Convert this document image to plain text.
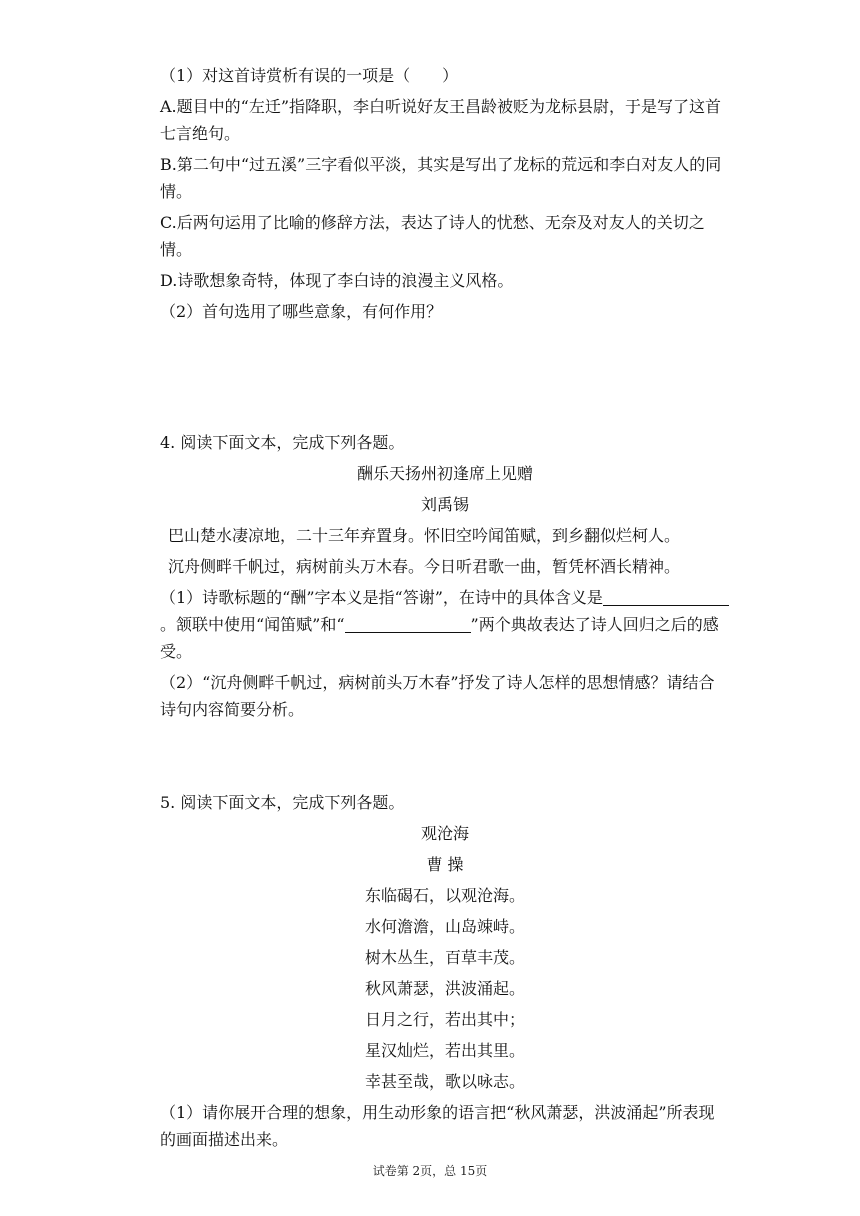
（1）对这首诗赏析有误的一项是（　　）

A.题目中的“左迁”指降职，李白听说好友王昌龄被贬为龙标县尉，于是写了这首七言绝句。

B.第二句中“过五溪”三字看似平淡，其实是写出了龙标的荒远和李白对友人的同情。

C.后两句运用了比喻的修辞方法，表达了诗人的忧愁、无奈及对友人的关切之情。

D.诗歌想象奇特，体现了李白诗的浪漫主义风格。

（2）首句选用了哪些意象，有何作用？

4. 阅读下面文本，完成下列各题。

酬乐天扬州初逢席上见赠

刘禹锡

巴山楚水凄凉地，二十三年弃置身。怀旧空吟闻笛赋，到乡翻似烂柯人。

沉舟侧畔千帆过，病树前头万木春。今日听君歌一曲，暂凭杯酒长精神。

（1）诗歌标题的“酬”字本义是指“答谢”，在诗中的具体含义是。颔联中使用“闻笛赋”和“	”两个典故表达了诗人回归之后的感受。

（2）“沉舟侧畔千帆过，病树前头万木春”抒发了诗人怎样的思想情感？请结合诗句内容简要分析。

5. 阅读下面文本，完成下列各题。

观沧海

曹 操

东临碣石，以观沧海。

水何澹澹，山岛竦峙。

树木丛生，百草丰茂。

秋风萧瑟，洪波涌起。

日月之行，若出其中；

星汉灿烂，若出其里。

幸甚至哉，歌以咏志。

（1）请你展开合理的想象，用生动形象的语言把“秋风萧瑟，洪波涌起”所表现的画面描述出来。

试卷第 2页，总 15页
